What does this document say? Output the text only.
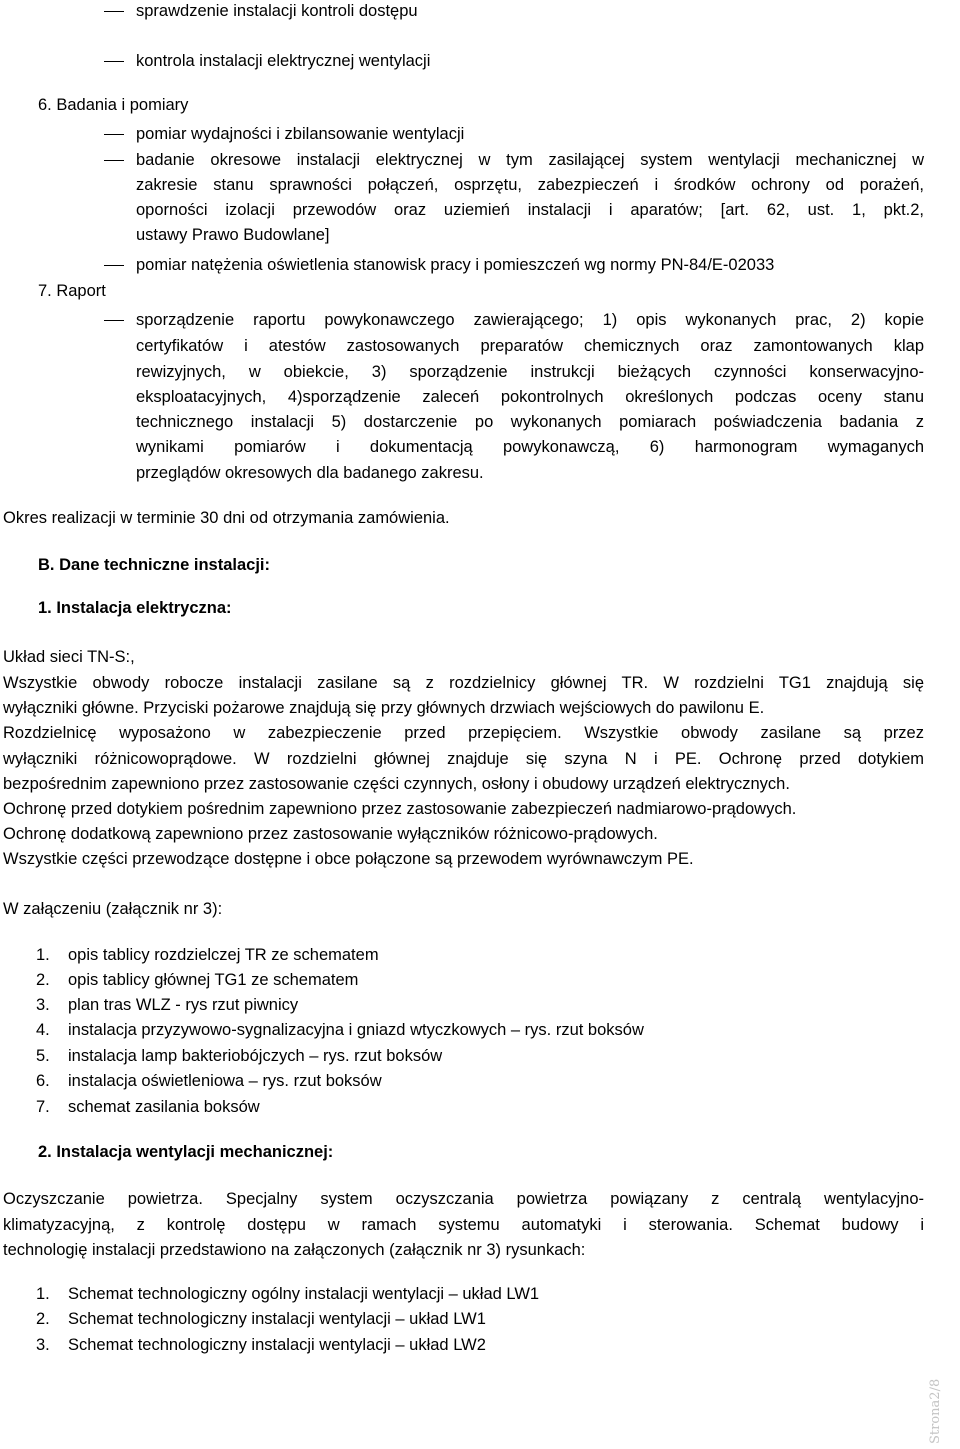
sprawdzenie instalacji kontroli dostępu
kontrola instalacji elektrycznej wentylacji
6. Badania i pomiary
pomiar wydajności i zbilansowanie wentylacji
badanie okresowe instalacji elektrycznej w tym zasilającej system wentylacji mechanicznej w
zakresie stanu sprawności połączeń, osprzętu, zabezpieczeń i środków ochrony od porażeń,
oporności izolacji przewodów oraz uziemień instalacji i aparatów; [art. 62, ust. 1, pkt.2,
ustawy Prawo Budowlane]
pomiar natężenia oświetlenia stanowisk pracy i pomieszczeń wg normy PN-84/E-02033
7. Raport
sporządzenie raportu powykonawczego zawierającego; 1) opis wykonanych prac, 2) kopie
certyfikatów i atestów zastosowanych preparatów chemicznych oraz zamontowanych klap
rewizyjnych, w obiekcie, 3) sporządzenie instrukcji bieżących czynności konserwacyjno-
eksploatacyjnych, 4)sporządzenie zaleceń pokontrolnych określonych podczas oceny stanu
technicznego instalacji 5) dostarczenie po wykonanych pomiarach poświadczenia badania z
wynikami pomiarów i dokumentacją powykonawczą, 6) harmonogram wymaganych
przeglądów okresowych dla badanego zakresu.
Okres realizacji w terminie 30 dni od otrzymania zamówienia.
B. Dane techniczne instalacji:
1. Instalacja elektryczna:
Układ sieci TN-S:,
Wszystkie obwody robocze instalacji zasilane są z rozdzielnicy głównej TR. W rozdzielni TG1 znajdują się
wyłączniki główne. Przyciski pożarowe znajdują się przy głównych drzwiach wejściowych do pawilonu E.
Rozdzielnicę wyposażono w zabezpieczenie przed przepięciem. Wszystkie obwody zasilane są przez
wyłączniki różnicowoprądowe. W rozdzielni głównej znajduje się szyna N i PE. Ochronę przed dotykiem
bezpośrednim zapewniono przez zastosowanie części czynnych, osłony i obudowy urządzeń elektrycznych.
Ochronę przed dotykiem pośrednim zapewniono przez zastosowanie zabezpieczeń nadmiarowo-prądowych.
Ochronę dodatkową zapewniono przez zastosowanie wyłączników różnicowo-prądowych.
Wszystkie części przewodzące dostępne i obce połączone są przewodem wyrównawczym PE.
W załączeniu (załącznik nr 3):
1. opis tablicy rozdzielczej TR ze schematem
2. opis tablicy głównej TG1 ze schematem
3. plan tras WLZ - rys rzut piwnicy
4. instalacja przyzywowo-sygnalizacyjna i gniazd wtyczkowych – rys. rzut boksów
5. instalacja lamp bakteriobójczych – rys. rzut boksów
6. instalacja oświetleniowa – rys. rzut boksów
7. schemat zasilania boksów
2. Instalacja wentylacji mechanicznej:
Oczyszczanie powietrza. Specjalny system oczyszczania powietrza powiązany z centralą wentylacyjno-
klimatyzacyjną, z kontrolę dostępu w ramach systemu automatyki i sterowania. Schemat budowy i
technologię instalacji przedstawiono na załączonych (załącznik nr 3) rysunkach:
1. Schemat technologiczny ogólny instalacji wentylacji – układ LW1
2. Schemat technologiczny instalacji wentylacji – układ LW1
3. Schemat technologiczny instalacji wentylacji – układ LW2
Strona2/8
